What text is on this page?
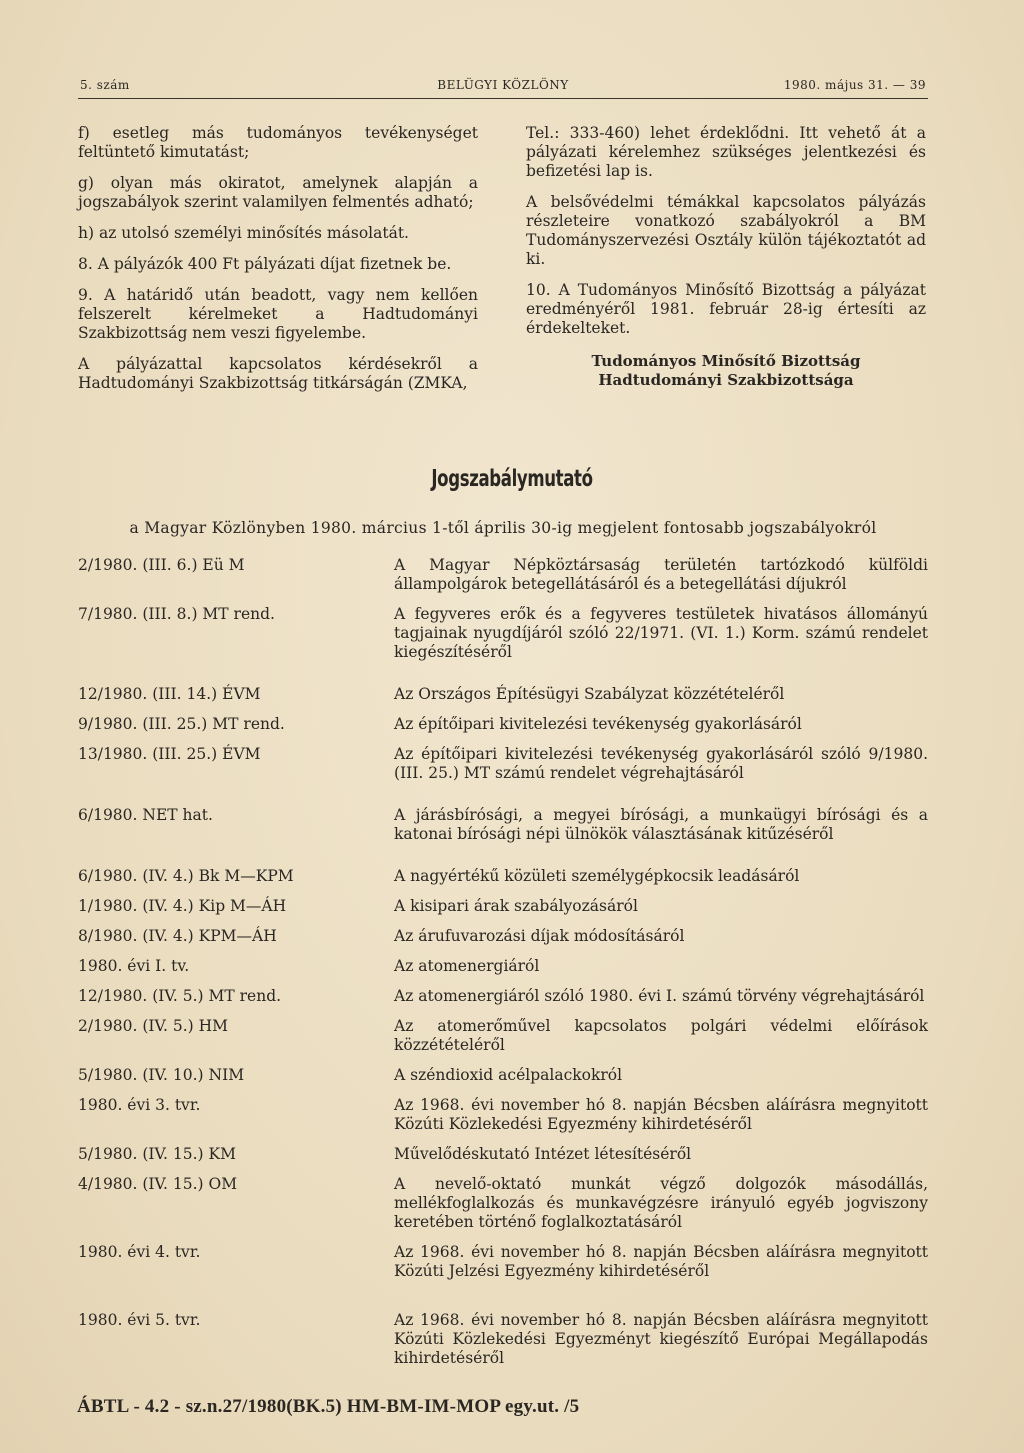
5. szám	BELÜGYI KÖZLÖNY	1980. május 31. — 39

f) esetleg más tudományos tevékenységet feltüntető kimutatást;

g) olyan más okiratot, amelynek alapján a jogszabályok szerint valamilyen felmentés adható;

h) az utolsó személyi minősítés másolatát.

8. A pályázók 400 Ft pályázati díjat fizetnek be.

9. A határidő után beadott, vagy nem kellően felszerelt kérelmeket a Hadtudományi Szakbizottság nem veszi figyelembe.

A pályázattal kapcsolatos kérdésekről a Hadtudományi Szakbizottság titkárságán (ZMKA,

Tel.: 333-460) lehet érdeklődni. Itt vehető át a pályázati kérelemhez szükséges jelentkezési és befizetési lap is.

A belsővédelmi témákkal kapcsolatos pályázás részleteire vonatkozó szabályokról a BM Tudományszervezési Osztály külön tájékoztatót ad ki.

10. A Tudományos Minősítő Bizottság a pályázat eredményéről 1981. február 28-ig értesíti az érdekelteket.

Tudományos Minősítő Bizottság
Hadtudományi Szakbizottsága
Jogszabálymutató
a Magyar Közlönyben 1980. március 1-től április 30-ig megjelent fontosabb jogszabályokról
2/1980. (III. 6.) Eü M	A Magyar Népköztársaság területén tartózkodó külföldi állampolgárok betegellátásáról és a betegellátási díjukról
7/1980. (III. 8.) MT rend.	A fegyveres erők és a fegyveres testületek hivatásos állományú tagjainak nyugdíjáról szóló 22/1971. (VI. 1.) Korm. számú rendelet kiegészítéséről
12/1980. (III. 14.) ÉVM	Az Országos Építésügyi Szabályzat közzétételéről
9/1980. (III. 25.) MT rend.	Az építőipari kivitelezési tevékenység gyakorlásáról
13/1980. (III. 25.) ÉVM	Az építőipari kivitelezési tevékenység gyakorlásáról szóló 9/1980. (III. 25.) MT számú rendelet végrehajtásáról
6/1980. NET hat.	A járásbírósági, a megyei bírósági, a munkaügyi bírósági és a katonai bírósági népi ülnökök választásának kitűzéséről
6/1980. (IV. 4.) Bk M—KPM	A nagyértékű közületi személygépkocsik leadásáról
1/1980. (IV. 4.) Kip M—ÁH	A kisipari árak szabályozásáról
8/1980. (IV. 4.) KPM—ÁH	Az árufuvarozási díjak módosításáról
1980. évi I. tv.	Az atomenergiáról
12/1980. (IV. 5.) MT rend.	Az atomenergiáról szóló 1980. évi I. számú törvény végrehajtásáról
2/1980. (IV. 5.) HM	Az atomerőművel kapcsolatos polgári védelmi előírások közzétételéről
5/1980. (IV. 10.) NIM	A széndioxid acélpalackokról
1980. évi 3. tvr.	Az 1968. évi november hó 8. napján Bécsben aláírásra megnyitott Közúti Közlekedési Egyezmény kihirdetéséről
5/1980. (IV. 15.) KM	Művelődéskutató Intézet létesítéséről
4/1980. (IV. 15.) OM	A nevelő-oktató munkát végző dolgozók másodállás, mellékfoglalkozás és munkavégzésre irányuló egyéb jogviszony keretében történő foglalkoztatásáról
1980. évi 4. tvr.	Az 1968. évi november hó 8. napján Bécsben aláírásra megnyitott Közúti Jelzési Egyezmény kihirdetéséről
1980. évi 5. tvr.	Az 1968. évi november hó 8. napján Bécsben aláírásra megnyitott Közúti Közlekedési Egyezményt kiegészítő Európai Megállapodás kihirdetéséről
ÁBTL - 4.2 - sz.n.27/1980(BK.5) HM-BM-IM-MOP egy.ut. /5
